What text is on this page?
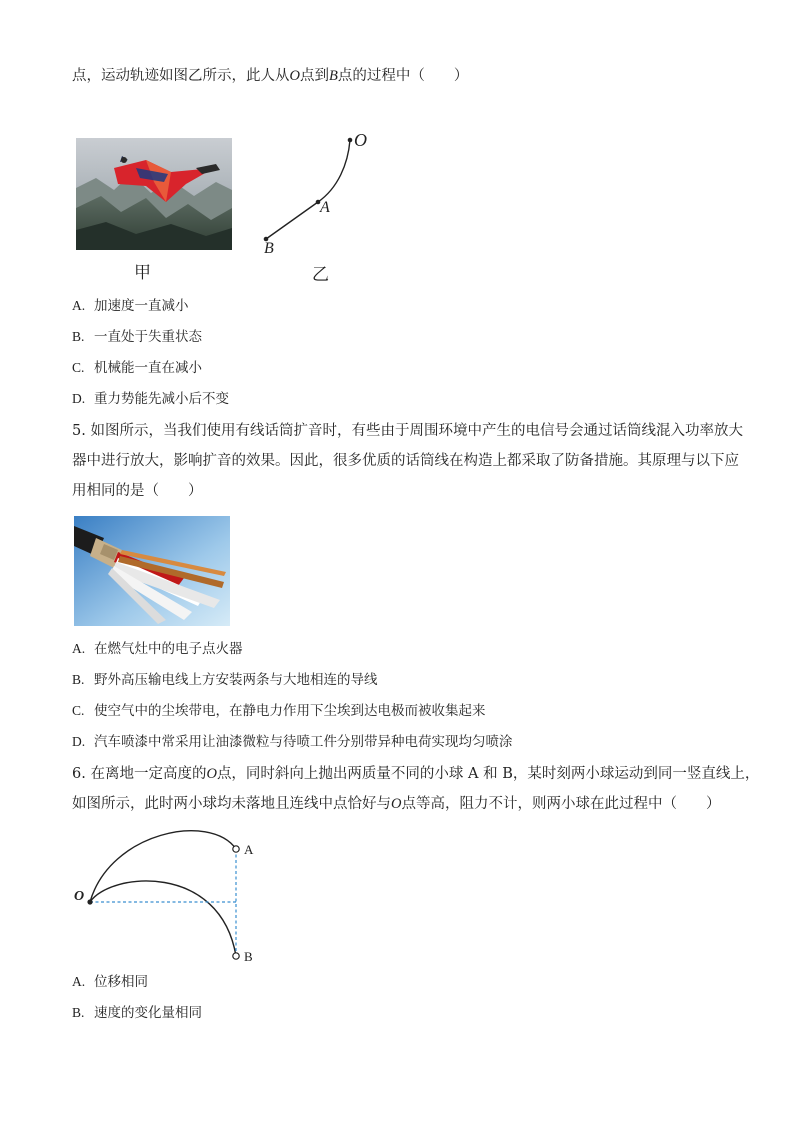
点，运动轨迹如图乙所示，此人从O点到B点的过程中（　　）
甲
O
A
B
乙
A. 加速度一直减小
B. 一直处于失重状态
C. 机械能一直在减小
D. 重力势能先减小后不变
5. 如图所示，当我们使用有线话筒扩音时，有些由于周围环境中产生的电信号会通过话筒线混入功率放大
器中进行放大，影响扩音的效果。因此，很多优质的话筒线在构造上都采取了防备措施。其原理与以下应
用相同的是（　　）
A. 在燃气灶中的电子点火器
B. 野外高压输电线上方安装两条与大地相连的导线
C. 使空气中的尘埃带电，在静电力作用下尘埃到达电极而被收集起来
D. 汽车喷漆中常采用让油漆微粒与待喷工件分别带异种电荷实现均匀喷涂
6. 在离地一定高度的O点，同时斜向上抛出两质量不同的小球 A 和 B，某时刻两小球运动到同一竖直线上，
如图所示，此时两小球均未落地且连线中点恰好与O点等高，阻力不计，则两小球在此过程中（　　）
O
A
B
A. 位移相同
B. 速度的变化量相同
